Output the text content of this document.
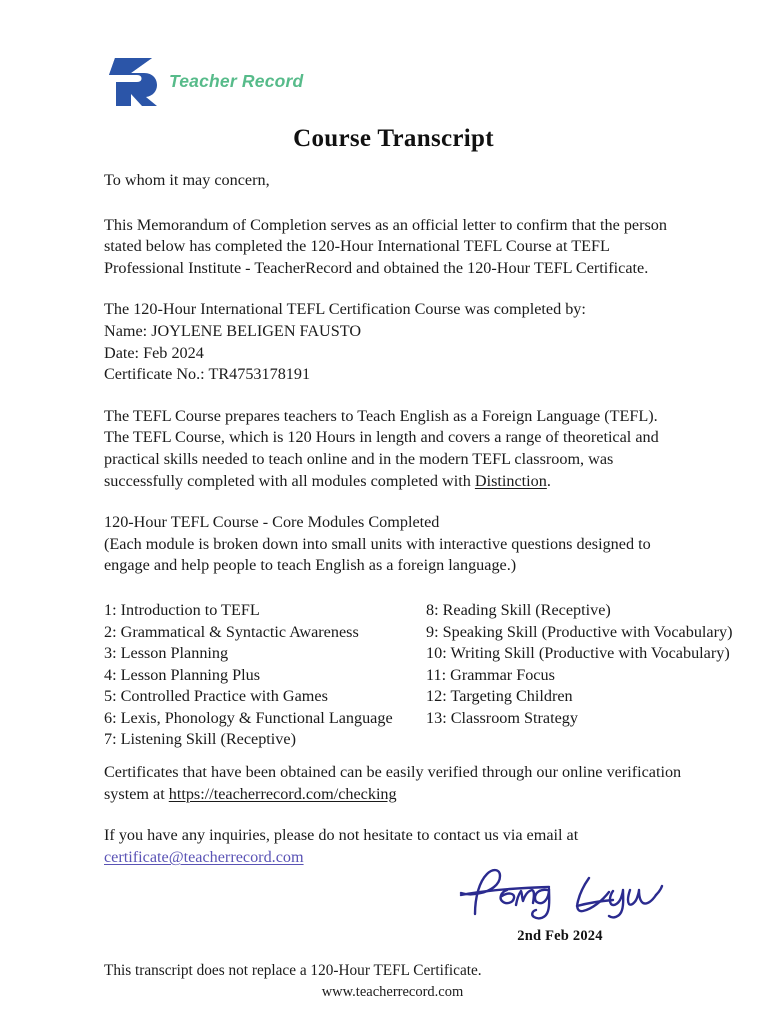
Teacher Record
Course Transcript
To whom it may concern,

This Memorandum of Completion serves as an official letter to confirm that the person stated below has completed the 120-Hour International TEFL Course at TEFL Professional Institute - TeacherRecord and obtained the 120-Hour TEFL Certificate.

The 120-Hour International TEFL Certification Course was completed by:

Name: JOYLENE BELIGEN FAUSTO

Date: Feb 2024

Certificate No.: TR4753178191

The TEFL Course prepares teachers to Teach English as a Foreign Language (TEFL). The TEFL Course, which is 120 Hours in length and covers a range of theoretical and practical skills needed to teach online and in the modern TEFL classroom, was successfully completed with all modules completed with Distinction.

120-Hour TEFL Course - Core Modules Completed

(Each module is broken down into small units with interactive questions designed to engage and help people to teach English as a foreign language.)

1: Introduction to TEFL
2: Grammatical & Syntactic Awareness
3: Lesson Planning
4: Lesson Planning Plus
5: Controlled Practice with Games
6: Lexis, Phonology & Functional Language
7: Listening Skill (Receptive)
8: Reading Skill (Receptive)
9: Speaking Skill (Productive with Vocabulary)
10: Writing Skill (Productive with Vocabulary)
11: Grammar Focus
12: Targeting Children
13: Classroom Strategy

Certificates that have been obtained can be easily verified through our online verification system at https://teacherrecord.com/checking

If you have any inquiries, please do not hesitate to contact us via email at
certificate@teacherrecord.com

2nd Feb 2024
This transcript does not replace a 120-Hour TEFL Certificate.
www.teacherrecord.com
